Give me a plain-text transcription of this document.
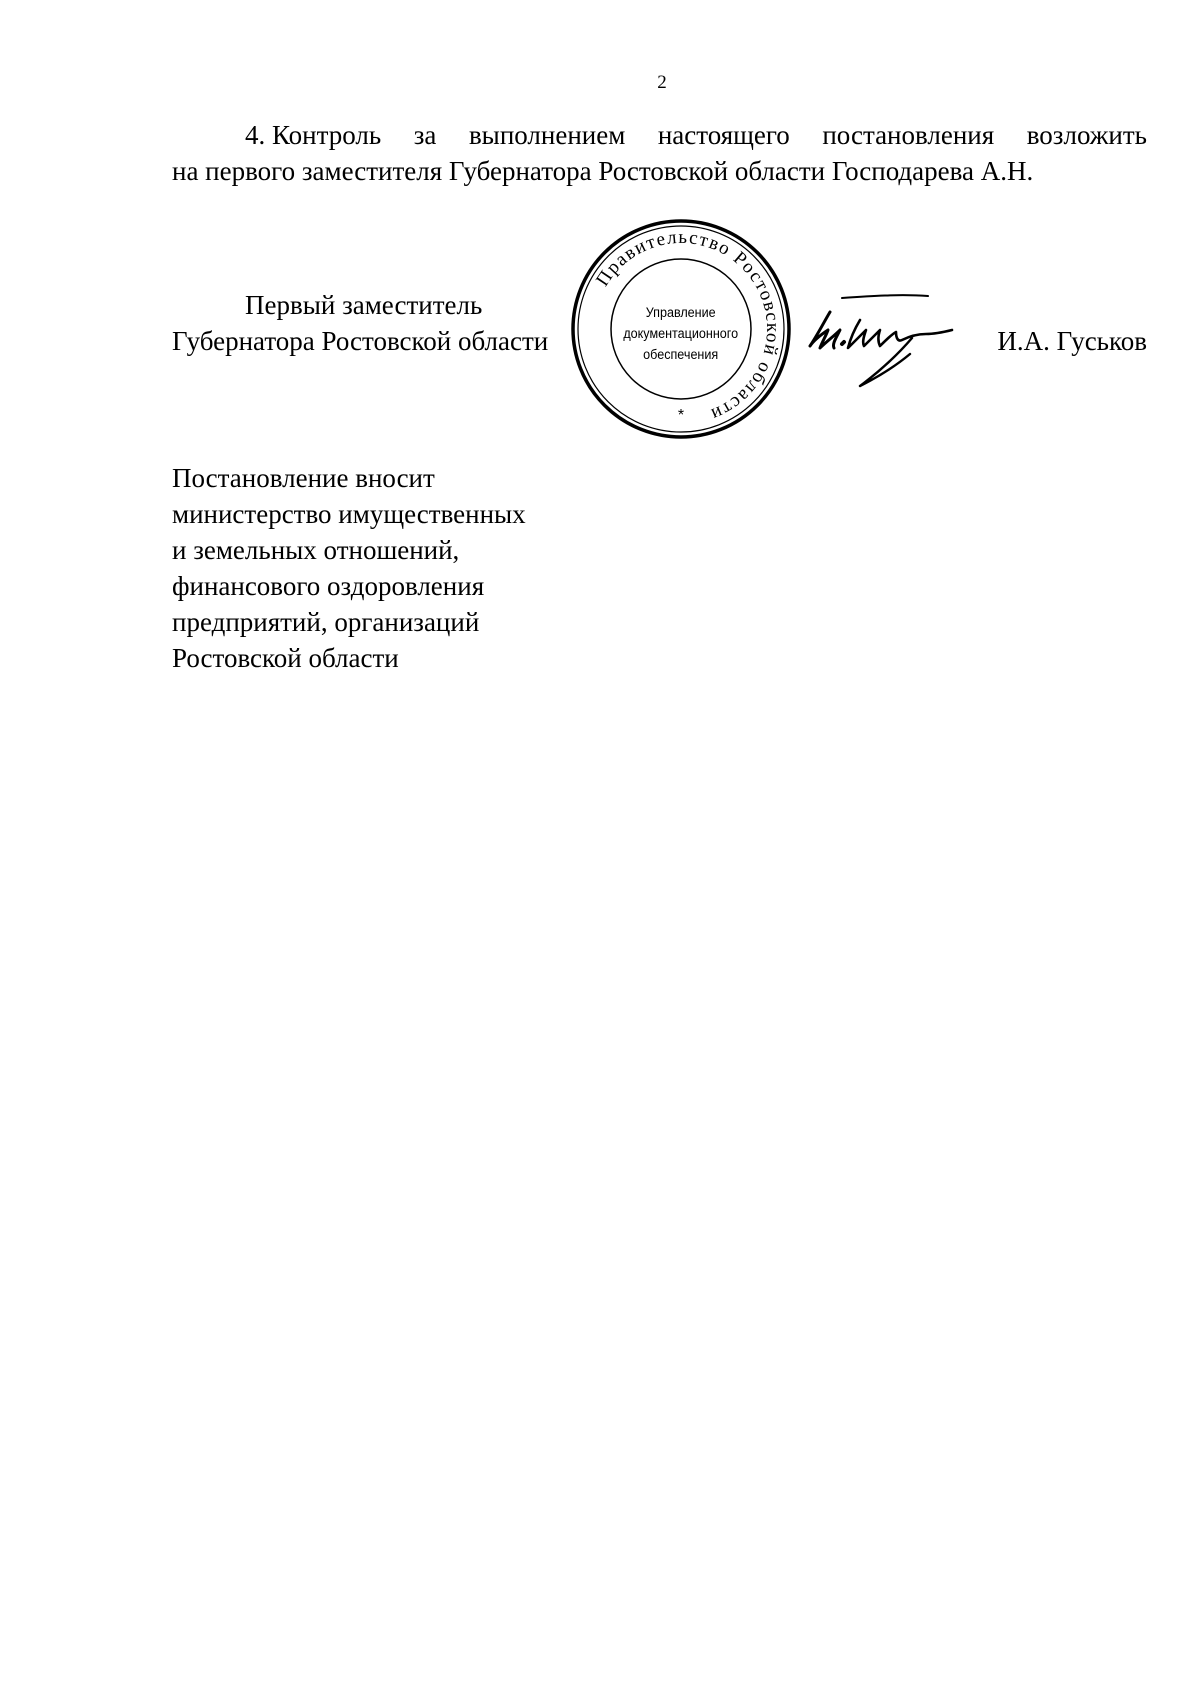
2
4. Контроль за выполнением настоящего постановления возложить
на первого заместителя Губернатора Ростовской области Господарева А.Н.
Первый заместитель
Губернатора Ростовской области
Правительство Ростовской области
Управление
документационного
обеспечения
*
И.А. Гуськов
Постановление вносит
министерство имущественных
и земельных отношений,
финансового оздоровления
предприятий, организаций
Ростовской области
